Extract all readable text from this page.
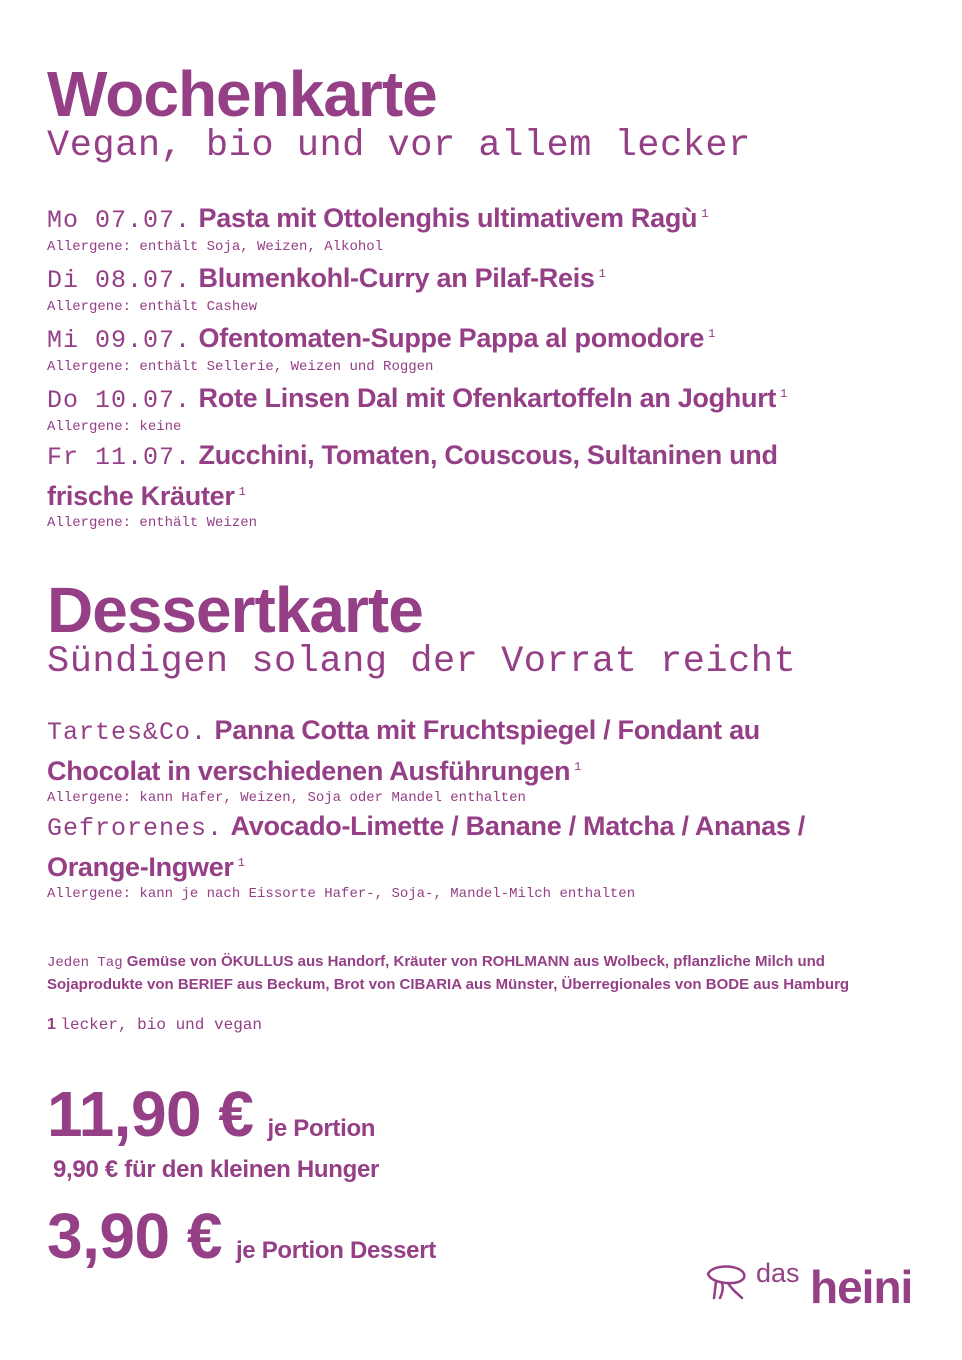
Wochenkarte
Vegan, bio und vor allem lecker
Mo 07.07. Pasta mit Ottolenghis ultimativem Ragù $^1$
Allergene: enthält Soja, Weizen, Alkohol
Di 08.07. Blumenkohl-Curry an Pilaf-Reis $^1$
Allergene: enthält Cashew
Mi 09.07. Ofentomaten-Suppe Pappa al pomodore $^1$
Allergene: enthält Sellerie, Weizen und Roggen
Do 10.07. Rote Linsen Dal mit Ofenkartoffeln an Joghurt $^1$
Allergene: keine
Fr 11.07. Zucchini, Tomaten, Couscous, Sultaninen und frische Kräuter $^1$
Allergene: enthält Weizen
Dessertkarte
Sündigen solang der Vorrat reicht
Tartes&Co. Panna Cotta mit Fruchtspiegel / Fondant au Chocolat in verschiedenen Ausführungen $^1$
Allergene: kann Hafer, Weizen, Soja oder Mandel enthalten
Gefrorenes. Avocado-Limette / Banane / Matcha / Ananas / Orange-Ingwer $^1$
Allergene: kann je nach Eissorte Hafer-, Soja-, Mandel-Milch enthalten
Jeden Tag Gemüse von ÖKULLUS aus Handorf, Kräuter von ROHLMANN aus Wolbeck, pflanzliche Milch und Sojaprodukte von BERIEF aus Beckum, Brot von CIBARIA aus Münster, Überregionales von BODE aus Hamburg
1 lecker, bio und vegan
11,90 € je Portion
9,90 € für den kleinen Hunger
3,90 € je Portion Dessert
das heini
